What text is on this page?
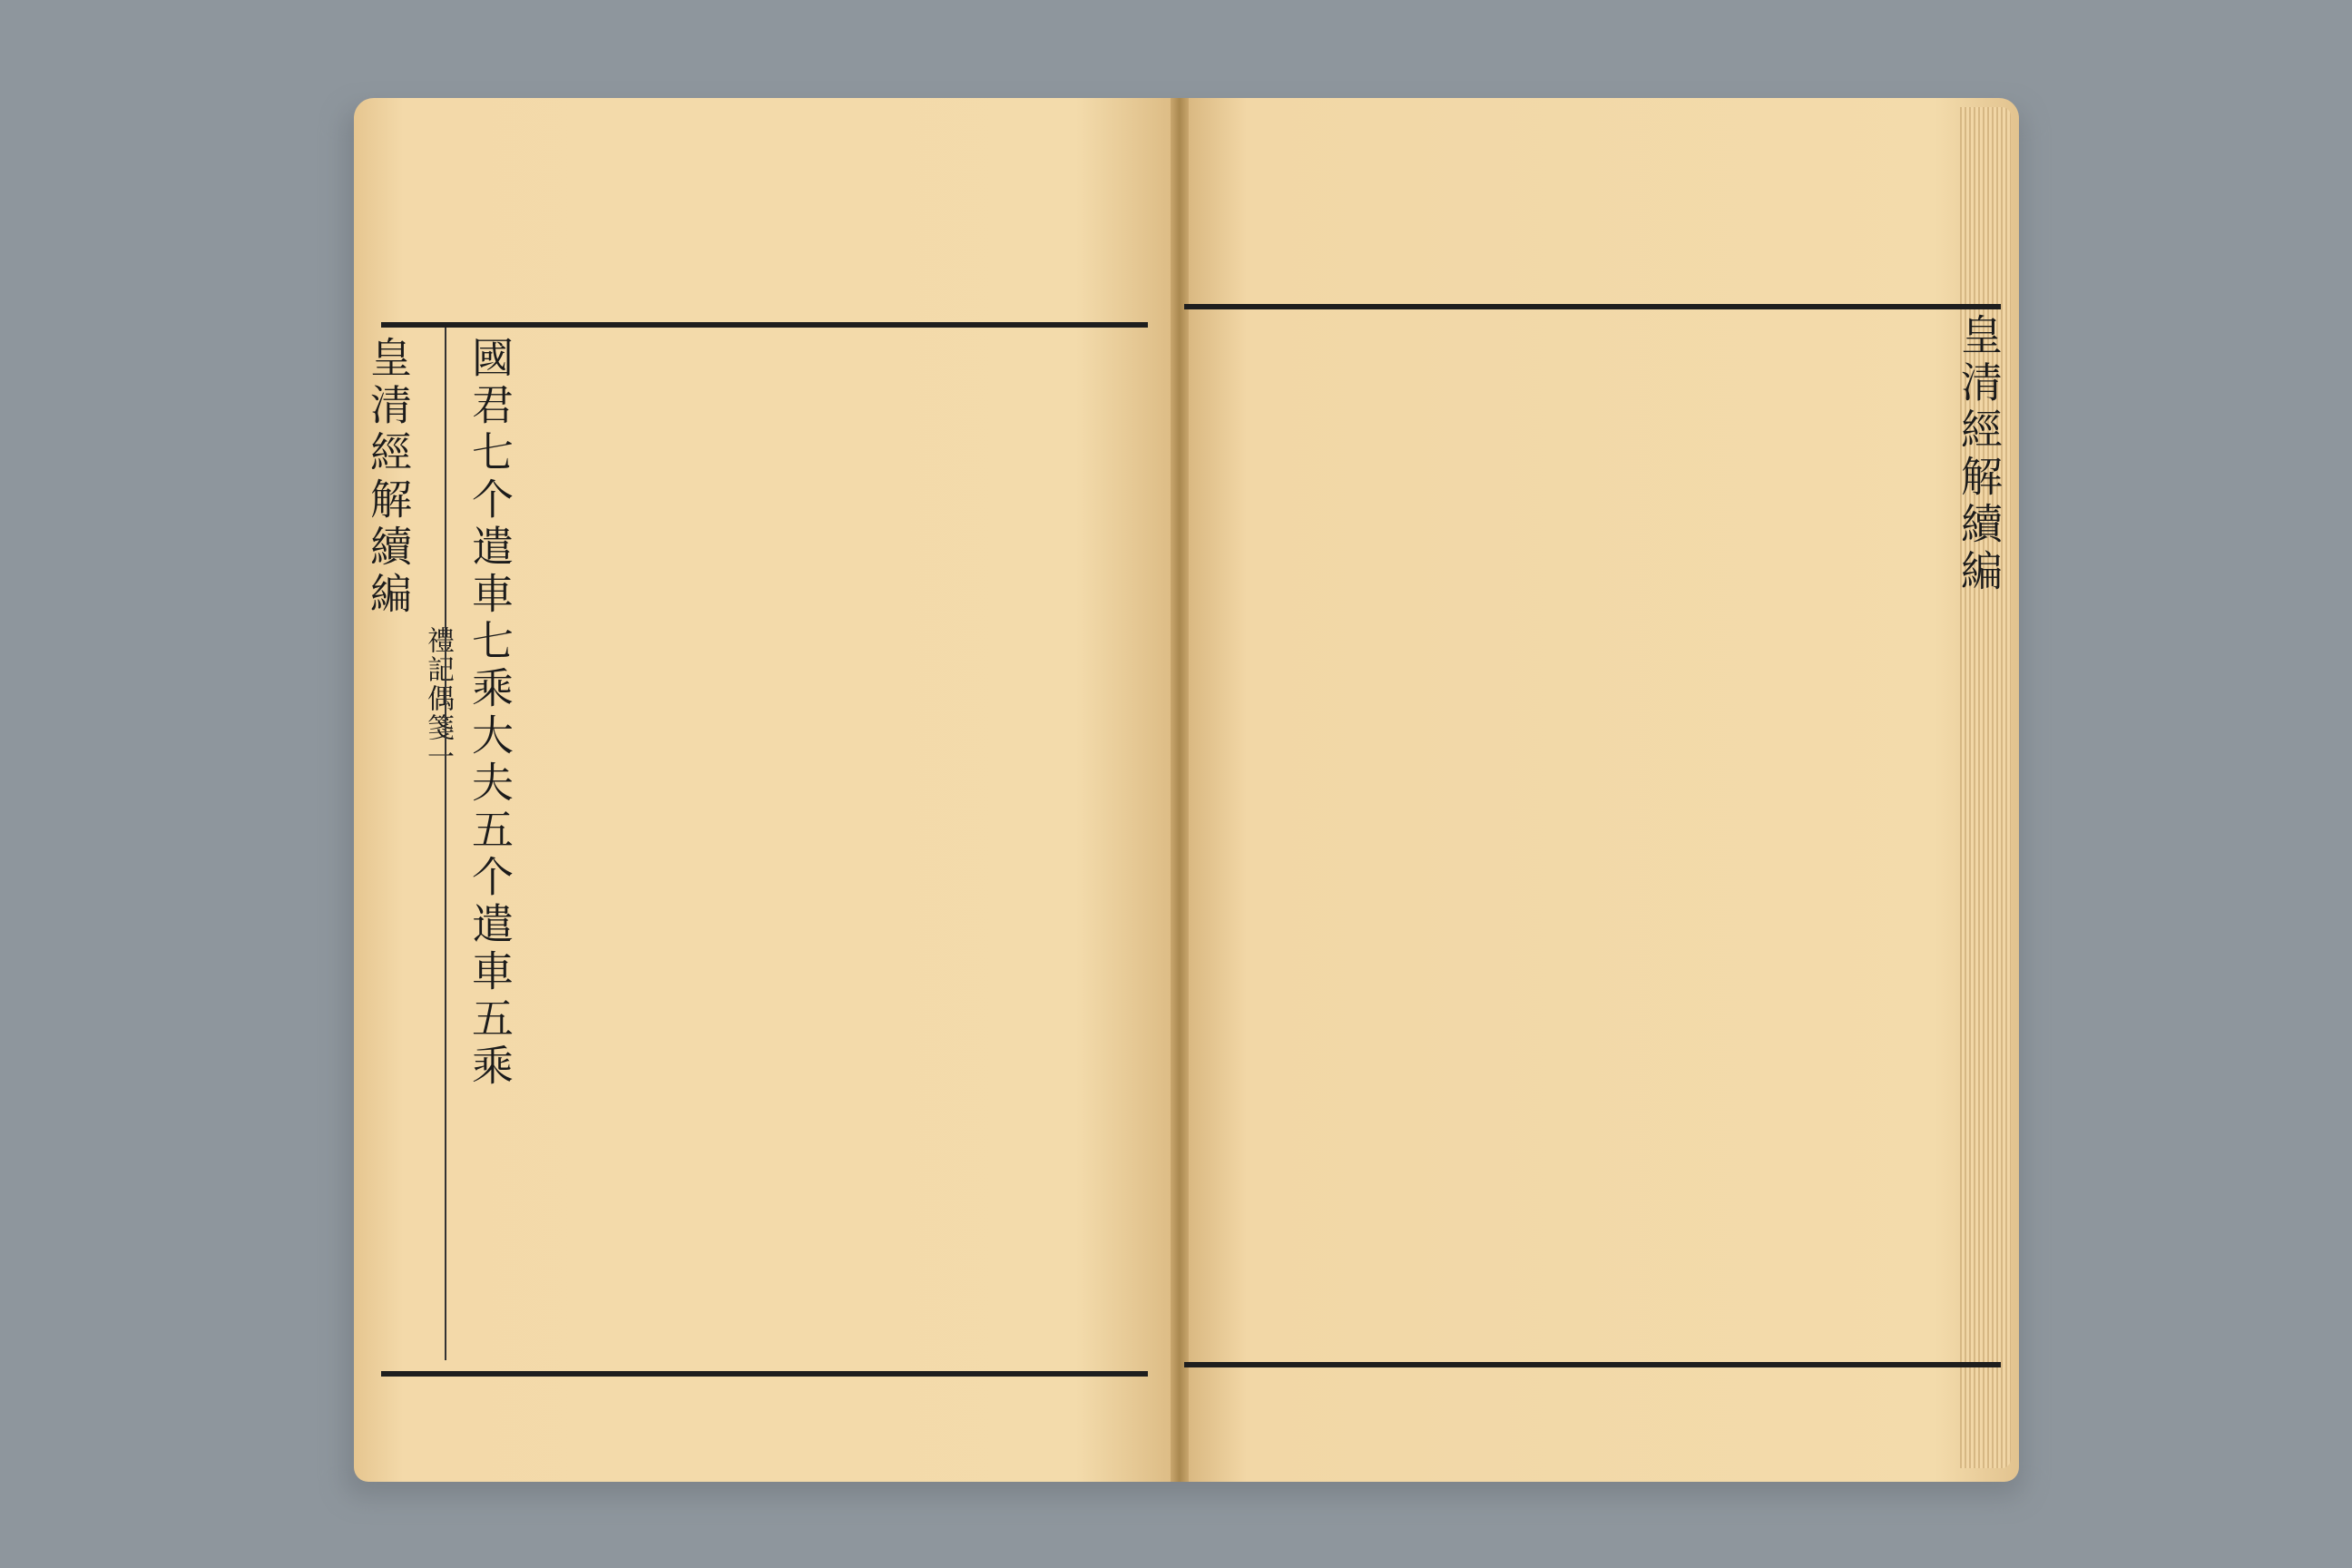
皇清經解續編
禮記偶箋一 國君七个遣車七乘大夫五个遣車五乘	皇清經解續編
